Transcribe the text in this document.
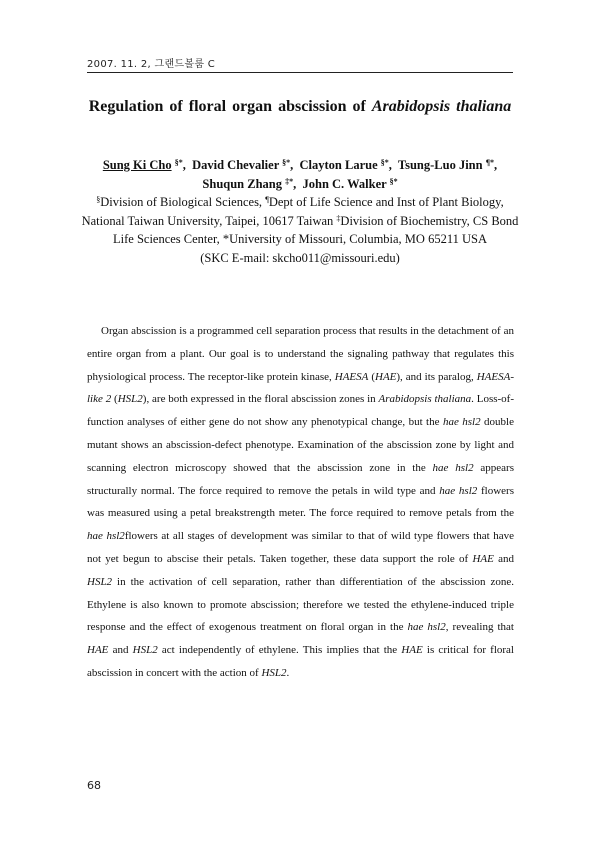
2007. 11. 2, 그랜드볼룸 C
Regulation of floral organ abscission of Arabidopsis thaliana
Sung Ki Cho §*,  David Chevalier §*,  Clayton Larue §*,  Tsung-Luo Jinn ¶*,
Shuqun Zhang ‡*,  John C. Walker §*
§Division of Biological Sciences, ¶Dept of Life Science and Inst of Plant Biology, National Taiwan University, Taipei, 10617 Taiwan ‡Division of Biochemistry, CS Bond Life Sciences Center, *University of Missouri, Columbia, MO 65211 USA
(SKC E-mail: skcho011@missouri.edu)
Organ abscission is a programmed cell separation process that results in the detachment of an entire organ from a plant. Our goal is to understand the signaling pathway that regulates this physiological process. The receptor-like protein kinase, HAESA (HAE), and its paralog, HAESA-like 2 (HSL2), are both expressed in the floral abscission zones in Arabidopsis thaliana. Loss-of-function analyses of either gene do not show any phenotypical change, but the hae hsl2 double mutant shows an abscission-defect phenotype. Examination of the abscission zone by light and scanning electron microscopy showed that the abscission zone in the hae hsl2 appears structurally normal. The force required to remove the petals in wild type and hae hsl2 flowers was measured using a petal breakstrength meter. The force required to remove petals from the hae hsl2flowers at all stages of development was similar to that of wild type flowers that have not yet begun to abscise their petals. Taken together, these data support the role of HAE and HSL2 in the activation of cell separation, rather than differentiation of the abscission zone. Ethylene is also known to promote abscission; therefore we tested the ethylene-induced triple response and the effect of exogenous treatment on floral organ in the hae hsl2, revealing that HAE and HSL2 act independently of ethylene. This implies that the HAE is critical for floral abscission in concert with the action of HSL2.
68
